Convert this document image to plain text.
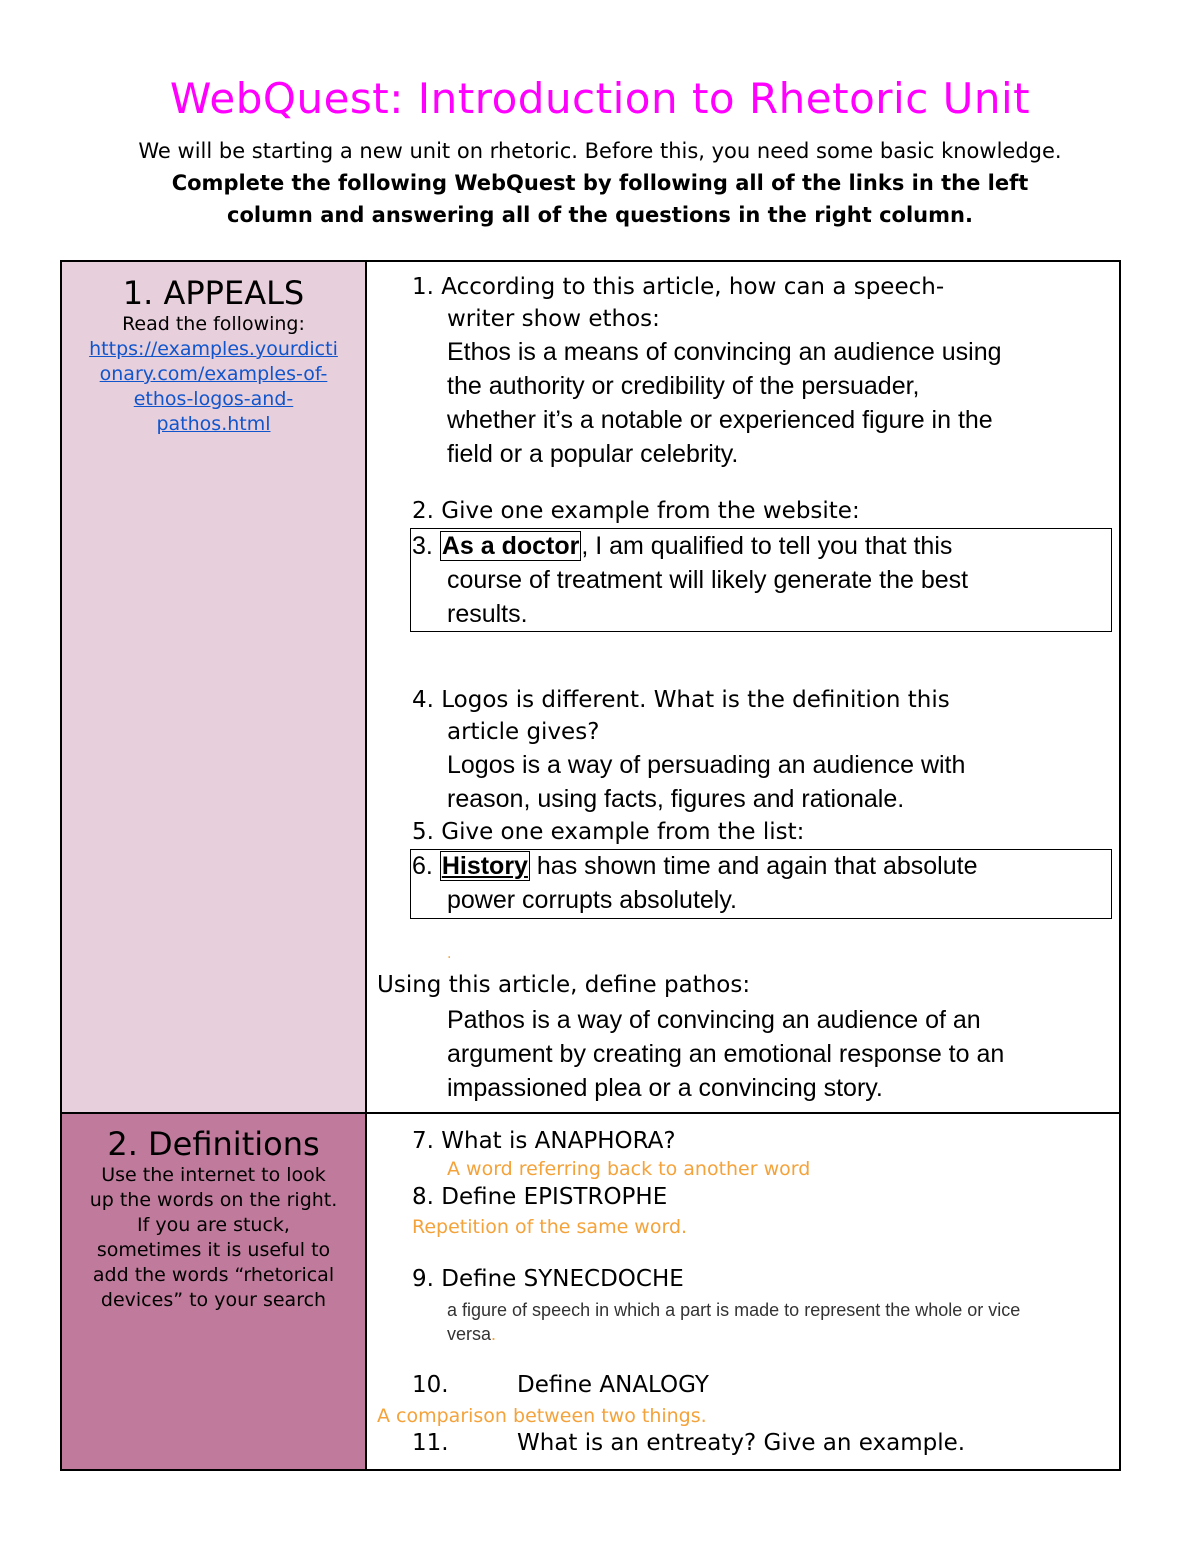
WebQuest: Introduction to Rhetoric Unit
We will be starting a new unit on rhetoric. Before this, you need some basic knowledge.
Complete the following WebQuest by following all of the links in the left
column and answering all of the questions in the right column.
1. APPEALS
Read the following:
https://examples.yourdicti
onary.com/examples-of-
ethos-logos-and-
pathos.html
1. According to this article, how can a speech-
writer show ethos:
Ethos is a means of convincing an audience using
the authority or credibility of the persuader,
whether it’s a notable or experienced figure in the
field or a popular celebrity.
2. Give one example from the website:
3. As a doctor, I am qualified to tell you that this
course of treatment will likely generate the best
results.
4. Logos is different. What is the definition this
article gives?
Logos is a way of persuading an audience with
reason, using facts, figures and rationale.
5. Give one example from the list:
6. History has shown time and again that absolute
power corrupts absolutely.
.
Using this article, define pathos:
Pathos is a way of convincing an audience of an
argument by creating an emotional response to an
impassioned plea or a convincing story.
2. Definitions
Use the internet to look
up the words on the right.
If you are stuck,
sometimes it is useful to
add the words “rhetorical
devices” to your search
7. What is ANAPHORA?
A word referring back to another word
8. Define EPISTROPHE
Repetition of the same word.
9. Define SYNECDOCHE
a figure of speech in which a part is made to represent the whole or vice
versa.
10.	Define ANALOGY
A comparison between two things.
11.	What is an entreaty? Give an example.
